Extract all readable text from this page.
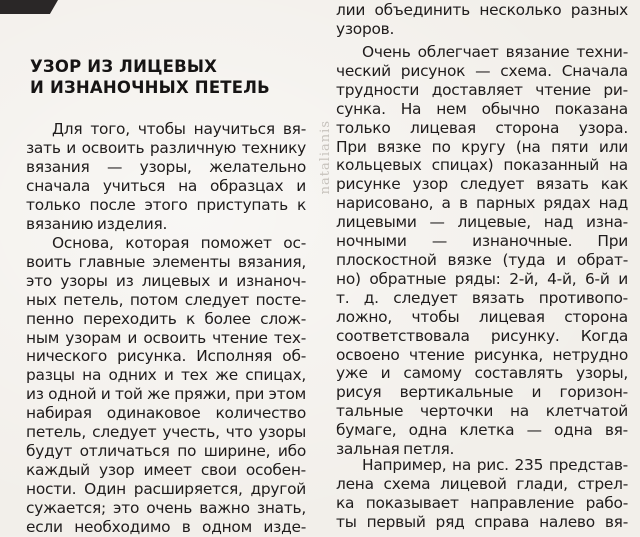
УЗОР ИЗ ЛИЦЕВЫХ
И ИЗНАНОЧНЫХ ПЕТЕЛЬ
Для того, чтобы научиться вя-
зать и освоить различную технику
вязания — узоры, желательно
сначала учиться на образцах и
только после этого приступать к
вязанию изделия.
Основа, которая поможет ос-
воить главные элементы вязания,
это узоры из лицевых и изнаноч-
ных петель, потом следует посте-
пенно переходить к более слож-
ным узорам и освоить чтение тех-
нического рисунка. Исполняя об-
разцы на одних и тех же спицах,
из одной и той же пряжи, при этом
набирая одинаковое количество
петель, следует учесть, что узоры
будут отличаться по ширине, ибо
каждый узор имеет свои особен-
ности. Один расширяется, другой
сужается; это очень важно знать,
если необходимо в одном изде-
natalianis
лии объединить несколько разных
узоров.
Очень облегчает вязание техни-
ческий рисунок — схема. Сначала
трудности доставляет чтение ри-
сунка. На нем обычно показана
только лицевая сторона узора.
При вязке по кругу (на пяти или
кольцевых спицах) показанный на
рисунке узор следует вязать как
нарисовано, а в парных рядах над
лицевыми — лицевые, над изна-
ночными — изнаночные. При
плоскостной вязке (туда и обрат-
но) обратные ряды: 2-й, 4-й, 6-й и
т. д. следует вязать противопо-
ложно, чтобы лицевая сторона
соответствовала рисунку. Когда
освоено чтение рисунка, нетрудно
уже и самому составлять узоры,
рисуя вертикальные и горизон-
тальные черточки на клетчатой
бумаге, одна клетка — одна вя-
зальная петля.
Например, на рис. 235 представ-
лена схема лицевой глади, стрел-
ка показывает направление рабо-
ты первый ряд справа налево вя-
